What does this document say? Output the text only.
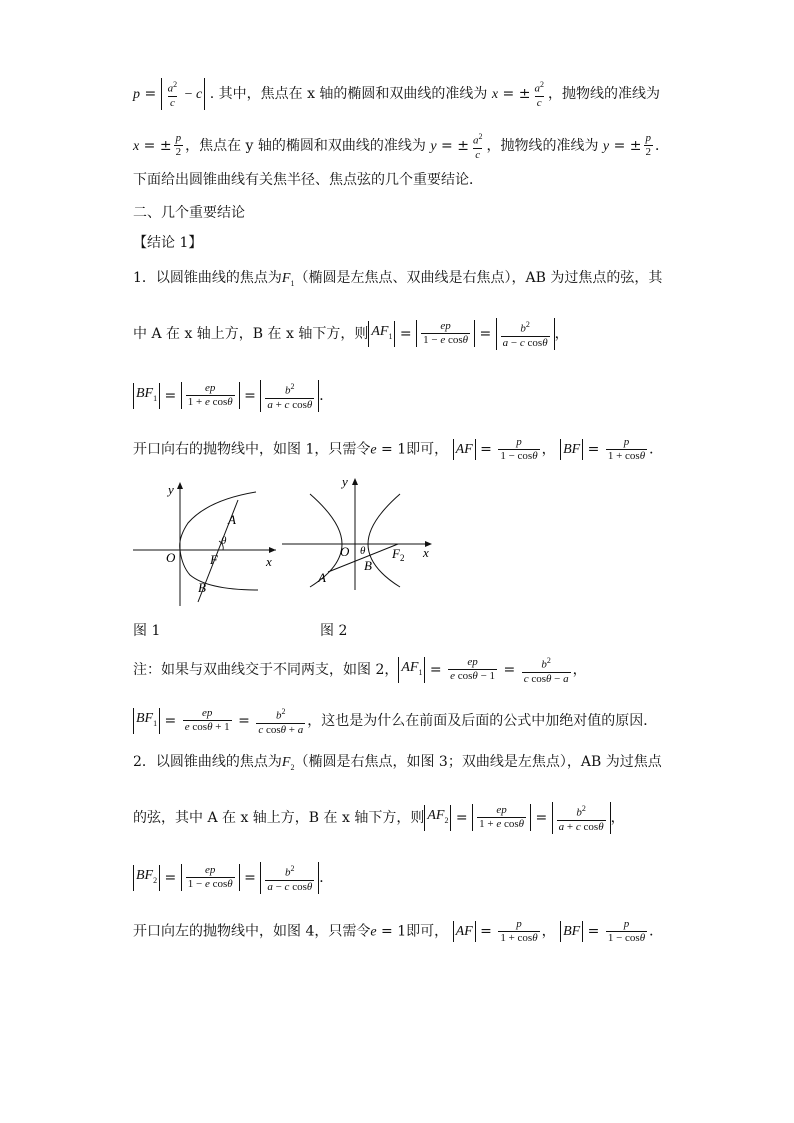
$p = \frac{a^2}{c} - c$ . 其中，焦点在 x 轴的椭圆和双曲线的准线为 x = ± $\frac{a^2}{c}$ ，抛物线的准线为
x = ± $\frac{p}{2}$ ，焦点在 y 轴的椭圆和双曲线的准线为 y = ± $\frac{a^2}{c}$ ，抛物线的准线为 y = ± $\frac{p}{2}$ ．
下面给出圆锥曲线有关焦半径、焦点弦的几个重要结论．
二、几个重要结论
【结论 1】
1．以圆锥曲线的焦点为$F_1$（椭圆是左焦点、双曲线是右焦点），AB 为过焦点的弦，其
中 A 在 x 轴上方，B 在 x 轴下方，则 $AF_1 = \frac{ep}{\text{1 − e cosθ}} = \frac{b^2}{\text{a − c cosθ}}$ ，
$BF_1 = \frac{ep}{\text{1 + e cosθ}} = \frac{b^2}{\text{a + c cosθ}}$ ．
开口向右的抛物线中，如图 1，只需令e = 1即可， AF = $\frac{p}{1 - \cos\theta}$ ， BF = $\frac{p}{1 + \cos\theta}$ ．
y
x
O	F
A
B
θ
y
x
O θ $F_2$
A
B
图 1	图 2
注：如果与双曲线交于不同两支，如图 2， $AF_1 = \frac{ep}{\text{e cosθ − 1}} = \frac{b^2}{\text{c cosθ − a}}$ ，
$BF_1 = \frac{ep}{\text{e cosθ + 1}} = \frac{b^2}{\text{c cosθ + a}}$ ，这也是为什么在前面及后面的公式中加绝对值的原因．
2．以圆锥曲线的焦点为$F_2$（椭圆是右焦点，如图 3；双曲线是左焦点），AB 为过焦点
的弦，其中 A 在 x 轴上方，B 在 x 轴下方，则 $AF_2 = \frac{ep}{\text{1 + e cosθ}} = \frac{b^2}{\text{a + c cosθ}}$ ，
$BF_2 = \frac{ep}{\text{1 − e cosθ}} = \frac{b^2}{\text{a − c cosθ}}$ ．
开口向左的抛物线中，如图 4，只需令e = 1即可， AF = $\frac{p}{1 + \cos\theta}$ ， BF = $\frac{p}{1 - \cos\theta}$ ．
